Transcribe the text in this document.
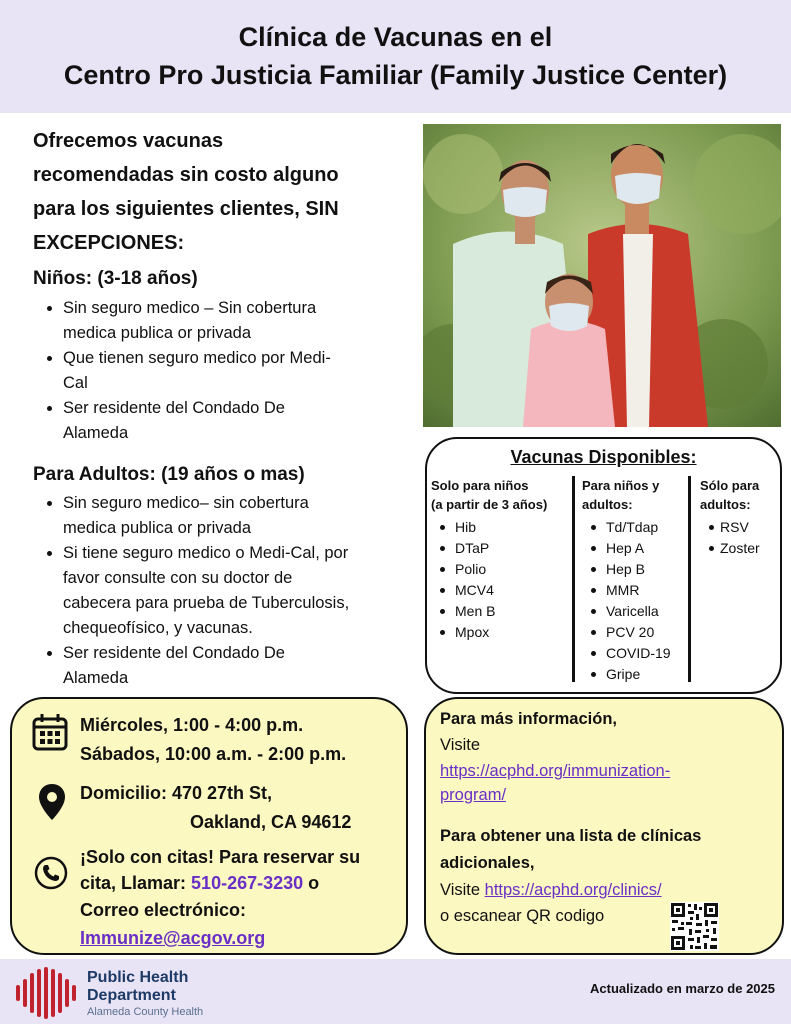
Clínica de Vacunas en el
Centro Pro Justicia Familiar (Family Justice Center)
Ofrecemos vacunas
recomendadas sin costo alguno
para los siguientes clientes, SIN
EXCEPCIONES:
Niños: (3-18 años)
Sin seguro medico – Sin cobertura
medica publica or privada
Que tienen seguro medico por Medi-
Cal
Ser residente del Condado De
Alameda
Para Adultos: (19 años o mas)
Sin seguro medico– sin cobertura
medica publica or privada
Si tiene seguro medico o Medi-Cal, por
favor consulte con su doctor de
cabecera para prueba de Tuberculosis,
chequeofísico, y vacunas.
Ser residente del Condado De
Alameda
Vacunas Disponibles:
Solo para niños
(a partir de 3 años)
Hib
DTaP
Polio
MCV4
Men B
Mpox
Para niños y
adultos:
Td/Tdap
Hep A
Hep B
MMR
Varicella
PCV 20
COVID-19
Gripe
Sólo para
adultos:
RSV
Zoster
Miércoles, 1:00 - 4:00 p.m.
Sábados, 10:00 a.m. - 2:00 p.m.
Domicilio: 470 27th St,
Oakland, CA 94612
¡Solo con citas! Para reservar su
cita, Llamar: 510-267-3230 o
Correo electrónico:
Immunize@acgov.org
Para más información,
Visite
https://acphd.org/immunization-
program/
Para obtener una lista de clínicas
adicionales,
Visite https://acphd.org/clinics/
o escanear QR codigo
Public Health
Department
Alameda County Health
Actualizado en marzo de 2025
